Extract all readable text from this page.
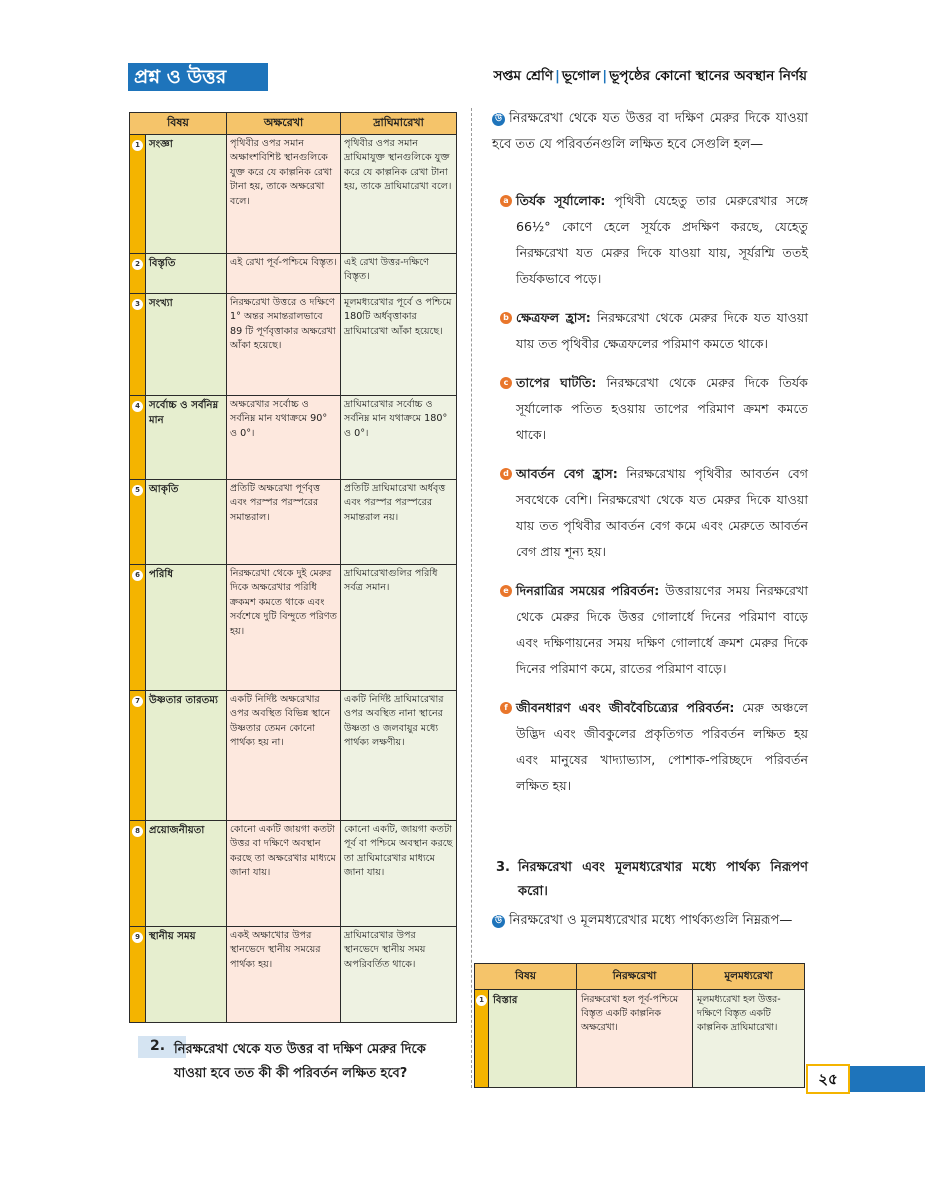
প্রশ্ন ও উত্তর	সপ্তম শ্রেণি | ভূগোল | ভূপৃষ্ঠের কোনো স্থানের অবস্থান নির্ণয়
বিষয়		অক্ষরেখা	দ্রাঘিমারেখা
1	সংজ্ঞা	পৃথিবীর ওপর সমান অক্ষাংশবিশিষ্ট স্থানগুলিকে যুক্ত করে যে কাল্পনিক রেখা টানা হয়, তাকে অক্ষরেখা বলে।	পৃথিবীর ওপর সমান দ্রাঘিমাযুক্ত স্থানগুলিকে যুক্ত করে যে কাল্পনিক রেখা টানা হয়, তাকে দ্রাঘিমারেখা বলে।
2	বিস্তৃতি	এই রেখা পূর্ব-পশ্চিমে বিস্তৃত।	এই রেখা উত্তর-দক্ষিণে বিস্তৃত।
3	সংখ্যা	নিরক্ষরেখা উত্তরে ও দক্ষিণে 1° অন্তর সমান্তরালভাবে 89 টি পূর্ণবৃত্তাকার অক্ষরেখা আঁকা হয়েছে।	মূলমধ্যরেখার পূর্বে ও পশ্চিমে 180টি অর্ধবৃত্তাকার দ্রাঘিমারেখা আঁকা হয়েছে।
4	সর্বোচ্চ ও সর্বনিম্ন মান	অক্ষরেখার সর্বোচ্চ ও সর্বনিম্ন মান যথাক্রমে 90° ও 0°।	দ্রাঘিমারেখার সর্বোচ্চ ও সর্বনিম্ন মান যথাক্রমে 180° ও 0°।
5	আকৃতি	প্রতিটি অক্ষরেখা পূর্ণবৃত্ত এবং পরস্পর পরস্পরের সমান্তরাল।	প্রতিটি দ্রাঘিমারেখা অর্ধবৃত্ত এবং পরস্পর পরস্পরের সমান্তরাল নয়।
6	পরিধি	নিরক্ষরেখা থেকে দুই মেরুর দিকে অক্ষরেখার পরিধি ক্রকমশ কমতে থাকে এবং সর্বশেষে দুটি বিন্দুতে পরিণত হয়।	দ্রাঘিমারেখাগুলির পরিধি সর্বত্র সমান।
7	উষ্ণতার তারতম্য	একটি নির্দিষ্ট অক্ষরেখার ওপর অবস্থিত বিভিন্ন স্থানে উষ্ণতার তেমন কোনো পার্থক্য হয় না।	একটি নির্দিষ্ট দ্রাঘিমারেখার ওপর অবস্থিত নানা স্থানের উষ্ণতা ও জলবায়ুর মধ্যে পার্থক্য লক্ষণীয়।
8	প্রয়োজনীয়তা	কোনো একটি জায়গা কতটা উত্তর বা দক্ষিণে অবস্থান করছে তা অক্ষরেখার মাধ্যমে জানা যায়।	কোনো একটি, জায়গা কতটা পূর্ব বা পশ্চিমে অবস্থান করছে তা দ্রাঘিমারেখার মাধ্যমে জানা যায়।
9	স্থানীয় সময়	একই অক্ষাখোর উপর স্থানভেদে স্থানীয় সময়ের পার্থক্য হয়।	দ্রাঘিমারেখার উপর স্থানভেদে স্থানীয় সময় অপরিবর্তিত থাকে।
2. নিরক্ষরেখা থেকে যত উত্তর বা দক্ষিণ মেরুর দিকে যাওয়া হবে তত কী কী পরিবর্তন লক্ষিত হবে?
উ নিরক্ষরেখা থেকে যত উত্তর বা দক্ষিণ মেরুর দিকে যাওয়া হবে তত যে পরিবর্তনগুলি লক্ষিত হবে সেগুলি হল—
a তির্যক সূর্যালোক: পৃথিবী যেহেতু তার মেরুরেখার সঙ্গে 66½° কোণে হেলে সূর্যকে প্রদক্ষিণ করছে, যেহেতু নিরক্ষরেখা যত মেরুর দিকে যাওয়া যায়, সূর্যরশ্মি ততই তির্যকভাবে পড়ে।
b ক্ষেত্রফল হ্রাস: নিরক্ষরেখা থেকে মেরুর দিকে যত যাওয়া যায় তত পৃথিবীর ক্ষেত্রফলের পরিমাণ কমতে থাকে।
c তাপের ঘাটতি: নিরক্ষরেখা থেকে মেরুর দিকে তির্যক সূর্যালোক পতিত হওয়ায় তাপের পরিমাণ ক্রমশ কমতে থাকে।
d আবর্তন বেগ হ্রাস: নিরক্ষরেখায় পৃথিবীর আবর্তন বেগ সবথেকে বেশি। নিরক্ষরেখা থেকে যত মেরুর দিকে যাওয়া যায় তত পৃথিবীর আবর্তন বেগ কমে এবং মেরুতে আবর্তন বেগ প্রায় শূন্য হয়।
e দিনরাত্রির সময়ের পরিবর্তন: উত্তরায়ণের সময় নিরক্ষরেখা থেকে মেরুর দিকে উত্তর গোলার্ধে দিনের পরিমাণ বাড়ে এবং দক্ষিণায়নের সময় দক্ষিণ গোলার্ধে ক্রমশ মেরুর দিকে দিনের পরিমাণ কমে, রাতের পরিমাণ বাড়ে।
f জীবনধারণ এবং জীববৈচিত্র্যের পরিবর্তন: মেরু অঞ্চলে উদ্ভিদ এবং জীবকুলের প্রকৃতিগত পরিবর্তন লক্ষিত হয় এবং মানুষের খাদ্যাভ্যাস, পোশাক-পরিচ্ছদে পরিবর্তন লক্ষিত হয়।
3. নিরক্ষরেখা এবং মূলমধ্যরেখার মধ্যে পার্থক্য নিরূপণ করো।
উ নিরক্ষরেখা ও মূলমধ্যরেখার মধ্যে পার্থক্যগুলি নিম্নরূপ—
বিষয়		নিরক্ষরেখা	মূলমধ্যরেখা
1	বিস্তার	নিরক্ষরেখা হল পূর্ব-পশ্চিমে বিস্তৃত একটি কাল্পনিক অক্ষরেখা।	মূলমধ্যরেখা হল উত্তর-দক্ষিণে বিস্তৃত একটি কাল্পনিক দ্রাঘিমারেখা।
২৫
